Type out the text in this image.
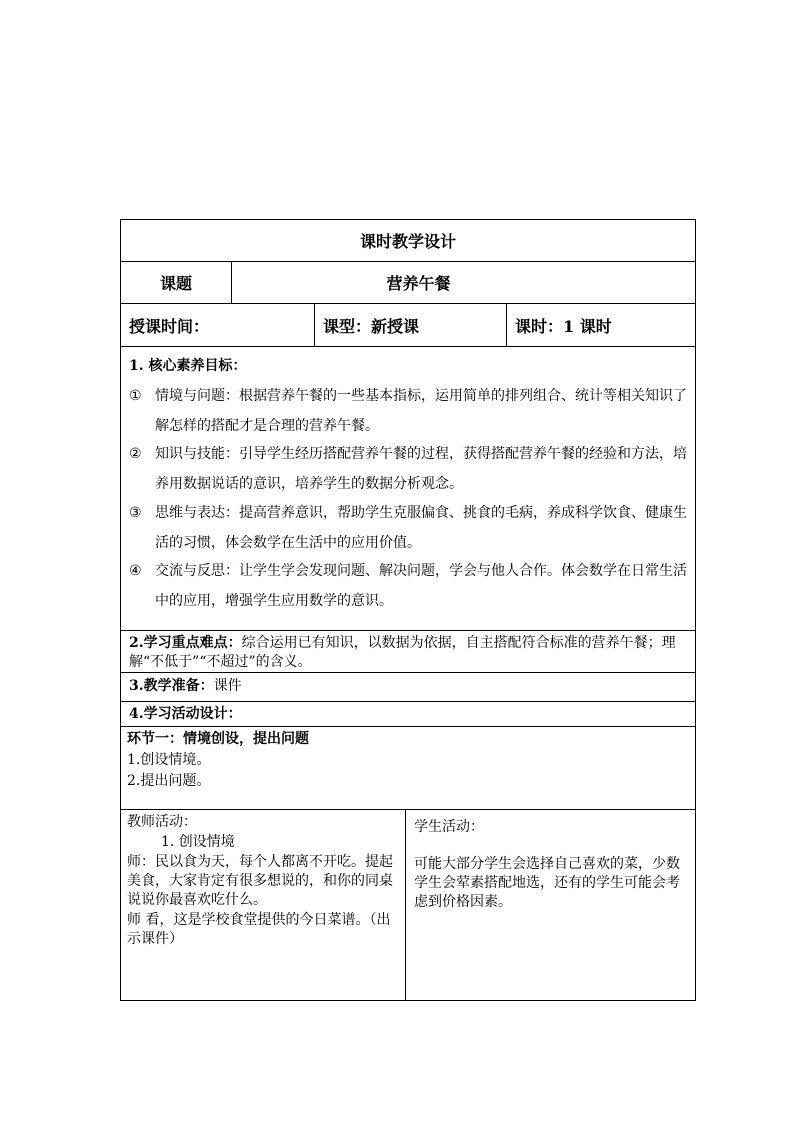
课时教学设计
课题	营养午餐
授课时间：	课型： 新授课	课时： 1 课时
1. 核心素养目标：
① 情境与问题：根据营养午餐的一些基本指标，运用简单的排列组合、统计等相关知识了解怎样的搭配才是合理的营养午餐。
② 知识与技能：引导学生经历搭配营养午餐的过程，获得搭配营养午餐的经验和方法，培养用数据说话的意识，培养学生的数据分析观念。
③ 思维与表达：提高营养意识，帮助学生克服偏食、挑食的毛病，养成科学饮食、健康生活的习惯，体会数学在生活中的应用价值。
④ 交流与反思：让学生学会发现问题、解决问题，学会与他人合作。体会数学在日常生活中的应用，增强学生应用数学的意识。
2.学习重点难点：综合运用已有知识，以数据为依据，自主搭配符合标准的营养午餐；理解“不低于”“不超过”的含义。
3.教学准备：课件
4.学习活动设计：
环节一：情境创设，提出问题
1.创设情境。
2.提出问题。
教师活动：
1. 创设情境
师：民以食为天，每个人都离不开吃。提起美食，大家肯定有很多想说的，和你的同桌说说你最喜欢吃什么。
师 看，这是学校食堂提供的今日菜谱。（出示课件）
学生活动：
可能大部分学生会选择自己喜欢的菜，少数学生会荤素搭配地选，还有的学生可能会考虑到价格因素。
